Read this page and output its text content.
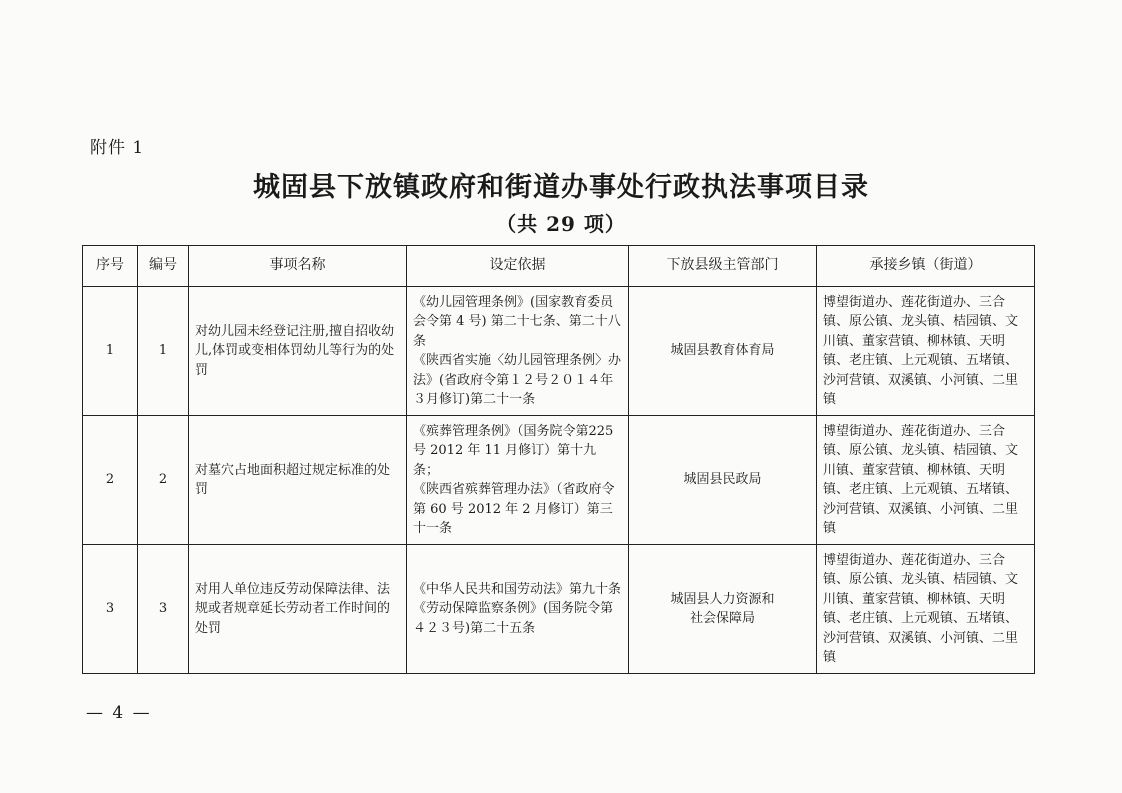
附件 1
城固县下放镇政府和街道办事处行政执法事项目录
（共 29 项）
序号	编号	事项名称	设定依据	下放县级主管部门	承接乡镇（街道）
1	1	对幼儿园未经登记注册,擅自招收幼儿,体罚或变相体罚幼儿等行为的处罚	《幼儿园管理条例》(国家教育委员会令第 4 号) 第二十七条、第二十八条
《陕西省实施〈幼儿园管理条例〉办法》(省政府令第１２号２０１４年３月修订)第二十一条	城固县教育体育局	博望街道办、莲花街道办、三合镇、原公镇、龙头镇、桔园镇、文川镇、董家营镇、柳林镇、天明镇、老庄镇、上元观镇、五堵镇、沙河营镇、双溪镇、小河镇、二里镇
2	2	对墓穴占地面积超过规定标准的处罚	《殡葬管理条例》（国务院令第225 号 2012 年 11 月修订）第十九条；
《陕西省殡葬管理办法》（省政府令第 60 号 2012 年 2 月修订）第三十一条	城固县民政局	博望街道办、莲花街道办、三合镇、原公镇、龙头镇、桔园镇、文川镇、董家营镇、柳林镇、天明镇、老庄镇、上元观镇、五堵镇、沙河营镇、双溪镇、小河镇、二里镇
3	3	对用人单位违反劳动保障法律、法规或者规章延长劳动者工作时间的处罚	《中华人民共和国劳动法》第九十条《劳动保障监察条例》(国务院令第４２３号)第二十五条	城固县人力资源和
社会保障局	博望街道办、莲花街道办、三合镇、原公镇、龙头镇、桔园镇、文川镇、董家营镇、柳林镇、天明镇、老庄镇、上元观镇、五堵镇、沙河营镇、双溪镇、小河镇、二里镇
— 4 —
